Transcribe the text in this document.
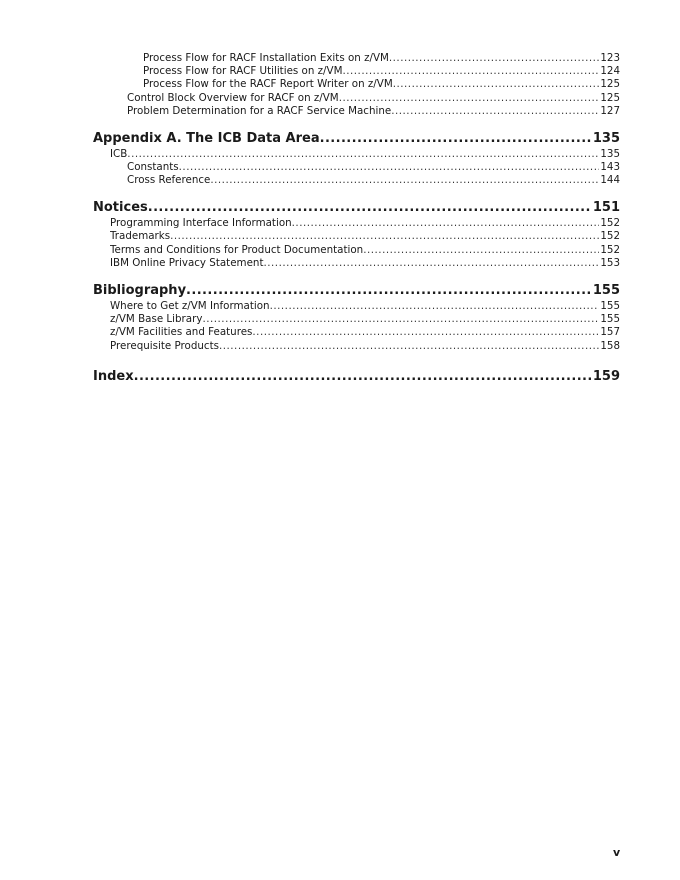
Process Flow for RACF Installation Exits on z/VM .....	123
Process Flow for RACF Utilities on z/VM .....	124
Process Flow for the RACF Report Writer on z/VM .....	125
Control Block Overview for RACF on z/VM .....	125
Problem Determination for a RACF Service Machine .....	127
Appendix A. The ICB Data Area .....	135
ICB .....	135
Constants .....	143
Cross Reference .....	144
Notices .....	151
Programming Interface Information .....	152
Trademarks .....	152
Terms and Conditions for Product Documentation .....	152
IBM Online Privacy Statement .....	153
Bibliography .....	155
Where to Get z/VM Information .....	155
z/VM Base Library .....	155
z/VM Facilities and Features .....	157
Prerequisite Products .....	158
Index .....	159
v
